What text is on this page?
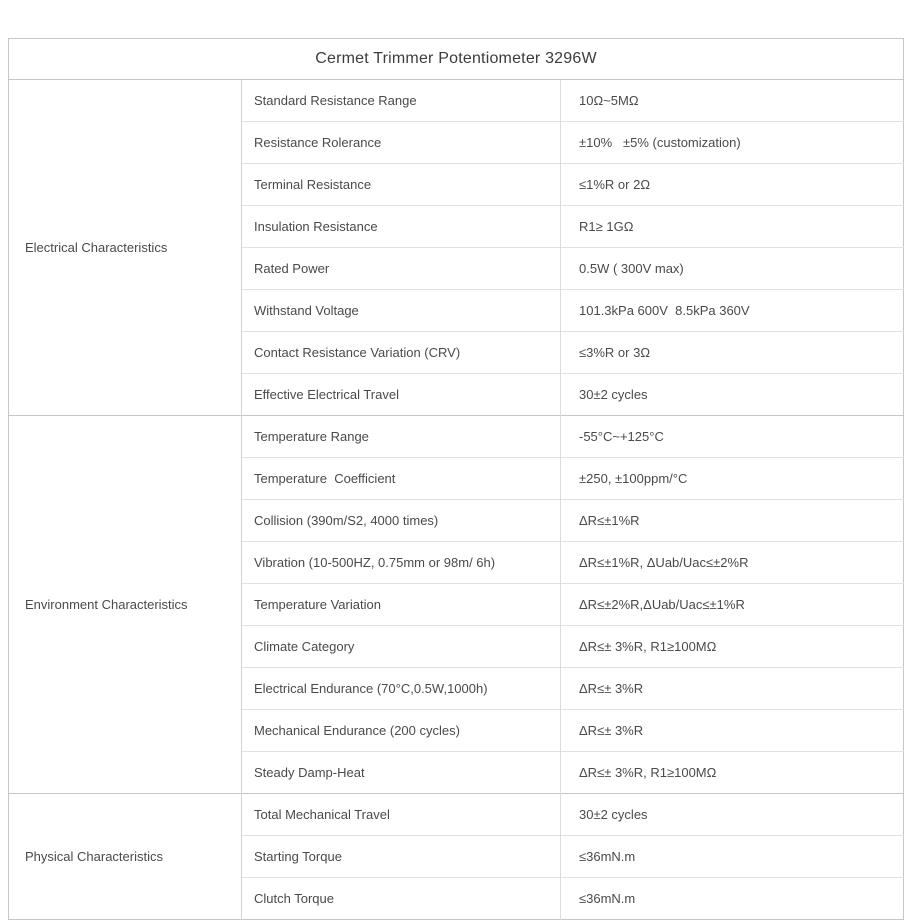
Cermet Trimmer Potentiometer 3296W		
Electrical Characteristics	Standard Resistance Range	10Ω~5MΩ
	Resistance Rolerance	±10%   ±5% (customization)
	Terminal Resistance	≤1%R or 2Ω
	Insulation Resistance	R1≥ 1GΩ
	Rated Power	0.5W ( 300V max)
	Withstand Voltage	101.3kPa 600V  8.5kPa 360V
	Contact Resistance Variation (CRV)	≤3%R or 3Ω
	Effective Electrical Travel	30±2 cycles
Environment Characteristics	Temperature Range	-55°C~+125°C
	Temperature  Coefficient	±250, ±100ppm/°C
	Collision (390m/S2, 4000 times)	ΔR≤±1%R
	Vibration (10-500HZ, 0.75mm or 98m/ 6h)	ΔR≤±1%R, ΔUab/Uac≤±2%R
	Temperature Variation	ΔR≤±2%R,ΔUab/Uac≤±1%R
	Climate Category	ΔR≤± 3%R, R1≥100MΩ
	Electrical Endurance (70°C,0.5W,1000h)	ΔR≤± 3%R
	Mechanical Endurance (200 cycles)	ΔR≤± 3%R
	Steady Damp-Heat	ΔR≤± 3%R, R1≥100MΩ
Physical Characteristics	Total Mechanical Travel	30±2 cycles
	Starting Torque	≤36mN.m
	Clutch Torque	≤36mN.m
